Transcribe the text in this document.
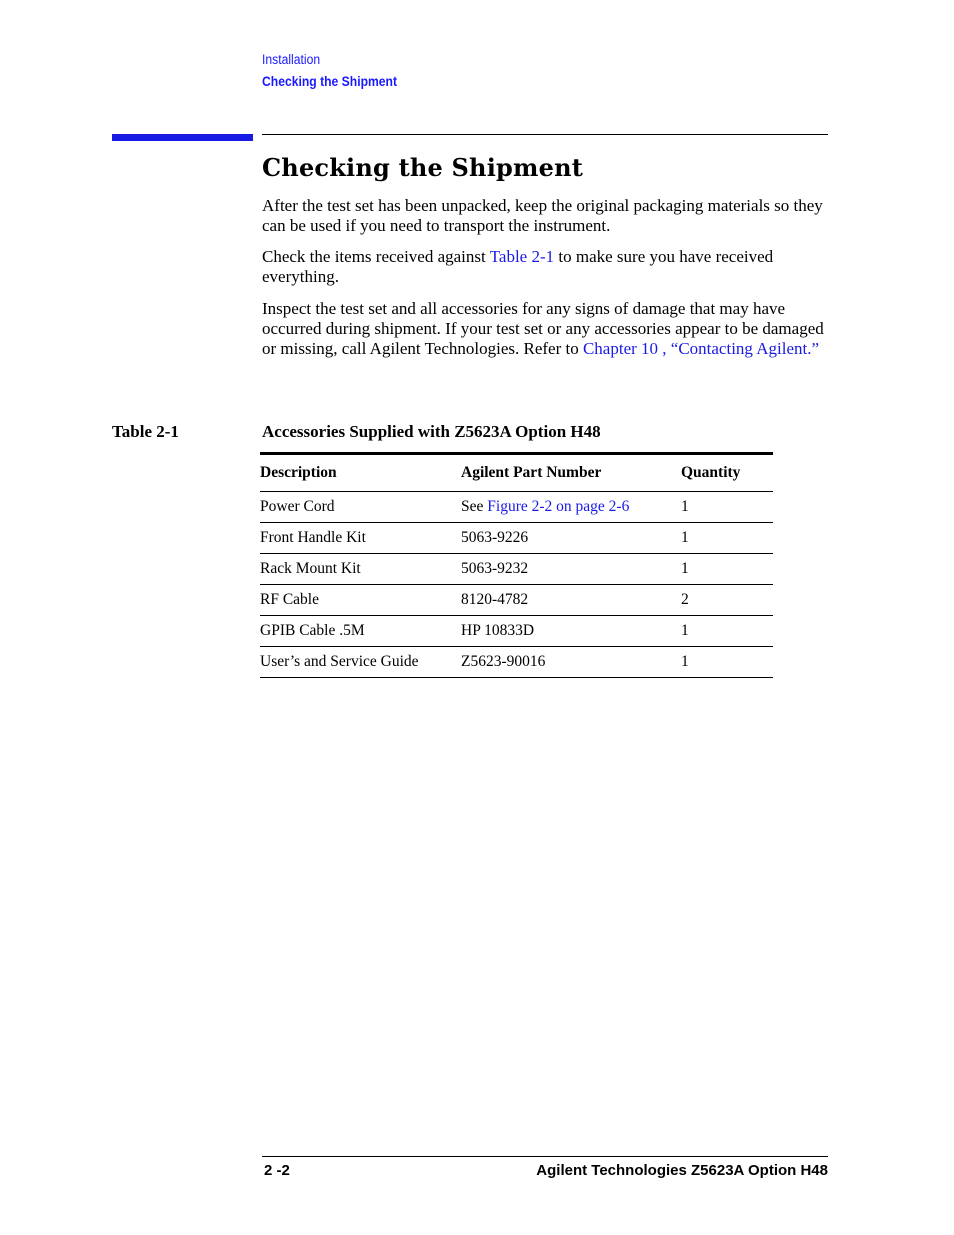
Installation
Checking the Shipment
Checking the Shipment

After the test set has been unpacked, keep the original packaging materials so they can be used if you need to transport the instrument.

Check the items received against Table 2-1 to make sure you have received everything.

Inspect the test set and all accessories for any signs of damage that may have occurred during shipment. If your test set or any accessories appear to be damaged or missing, call Agilent Technologies. Refer to Chapter 10 , “Contacting Agilent.”

Table 2-1	Accessories Supplied with Z5623A Option H48
Description	Agilent Part Number	Quantity
Power Cord	See Figure 2-2 on page 2-6	1
Front Handle Kit	5063-9226	1
Rack Mount Kit	5063-9232	1
RF Cable	8120-4782	2
GPIB Cable .5M	HP 10833D	1
User’s and Service Guide	Z5623-90016	1
2 -2	Agilent Technologies Z5623A Option H48
